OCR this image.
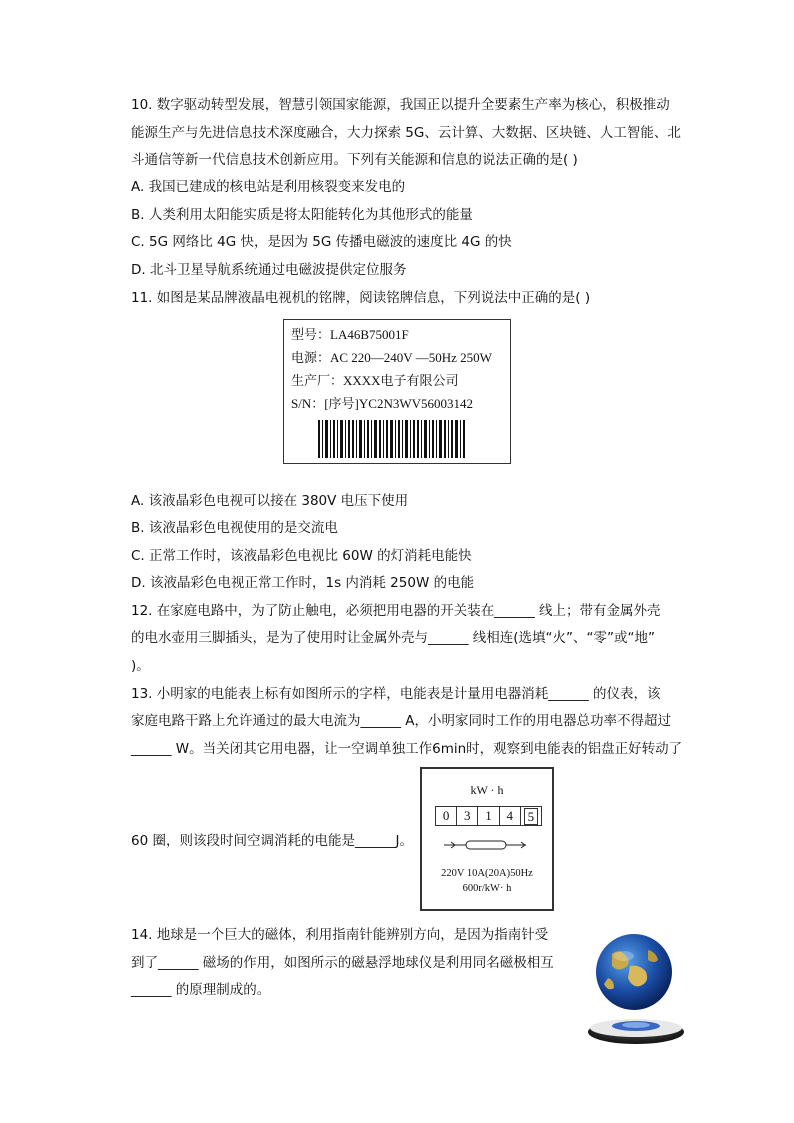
10. 数字驱动转型发展，智慧引领国家能源，我国正以提升全要素生产率为核心，积极推动
能源生产与先进信息技术深度融合，大力探索 5G、云计算、大数据、区块链、人工智能、北
斗通信等新一代信息技术创新应用。下列有关能源和信息的说法正确的是( )
A. 我国已建成的核电站是利用核裂变来发电的
B. 人类利用太阳能实质是将太阳能转化为其他形式的能量
C. 5G 网络比 4G 快，是因为 5G 传播电磁波的速度比 4G 的快
D. 北斗卫星导航系统通过电磁波提供定位服务
11. 如图是某品牌液晶电视机的铭牌，阅读铭牌信息，下列说法中正确的是( )
型号：LA46B75001F
电源：AC 220—240V —50Hz 250W
生产厂：XXXX电子有限公司
S/N：[序号]YC2N3WV56003142
A. 该液晶彩色电视可以接在 380V 电压下使用
B. 该液晶彩色电视使用的是交流电
C. 正常工作时，该液晶彩色电视比 60W 的灯消耗电能快
D. 该液晶彩色电视正常工作时，1s 内消耗 250W 的电能
12. 在家庭电路中，为了防止触电，必须把用电器的开关装在______ 线上；带有金属外壳
的电水壶用三脚插头，是为了使用时让金属外壳与______ 线相连(选填“火”、“零”或“地”
)。
13. 小明家的电能表上标有如图所示的字样，电能表是计量用电器消耗______ 的仪表，该
家庭电路干路上允许通过的最大电流为______ A，小明家同时工作的用电器总功率不得超过
______ W。当关闭其它用电器，让一空调单独工作6min时，观察到电能表的铝盘正好转动了
60 圈，则该段时间空调消耗的电能是______J。
kW · h
0	3	1	4	5
220V 10A(20A)50Hz
600r/kW· h
14. 地球是一个巨大的磁体，利用指南针能辨别方向，是因为指南针受
到了______ 磁场的作用，如图所示的磁悬浮地球仪是利用同名磁极相互
______ 的原理制成的。
